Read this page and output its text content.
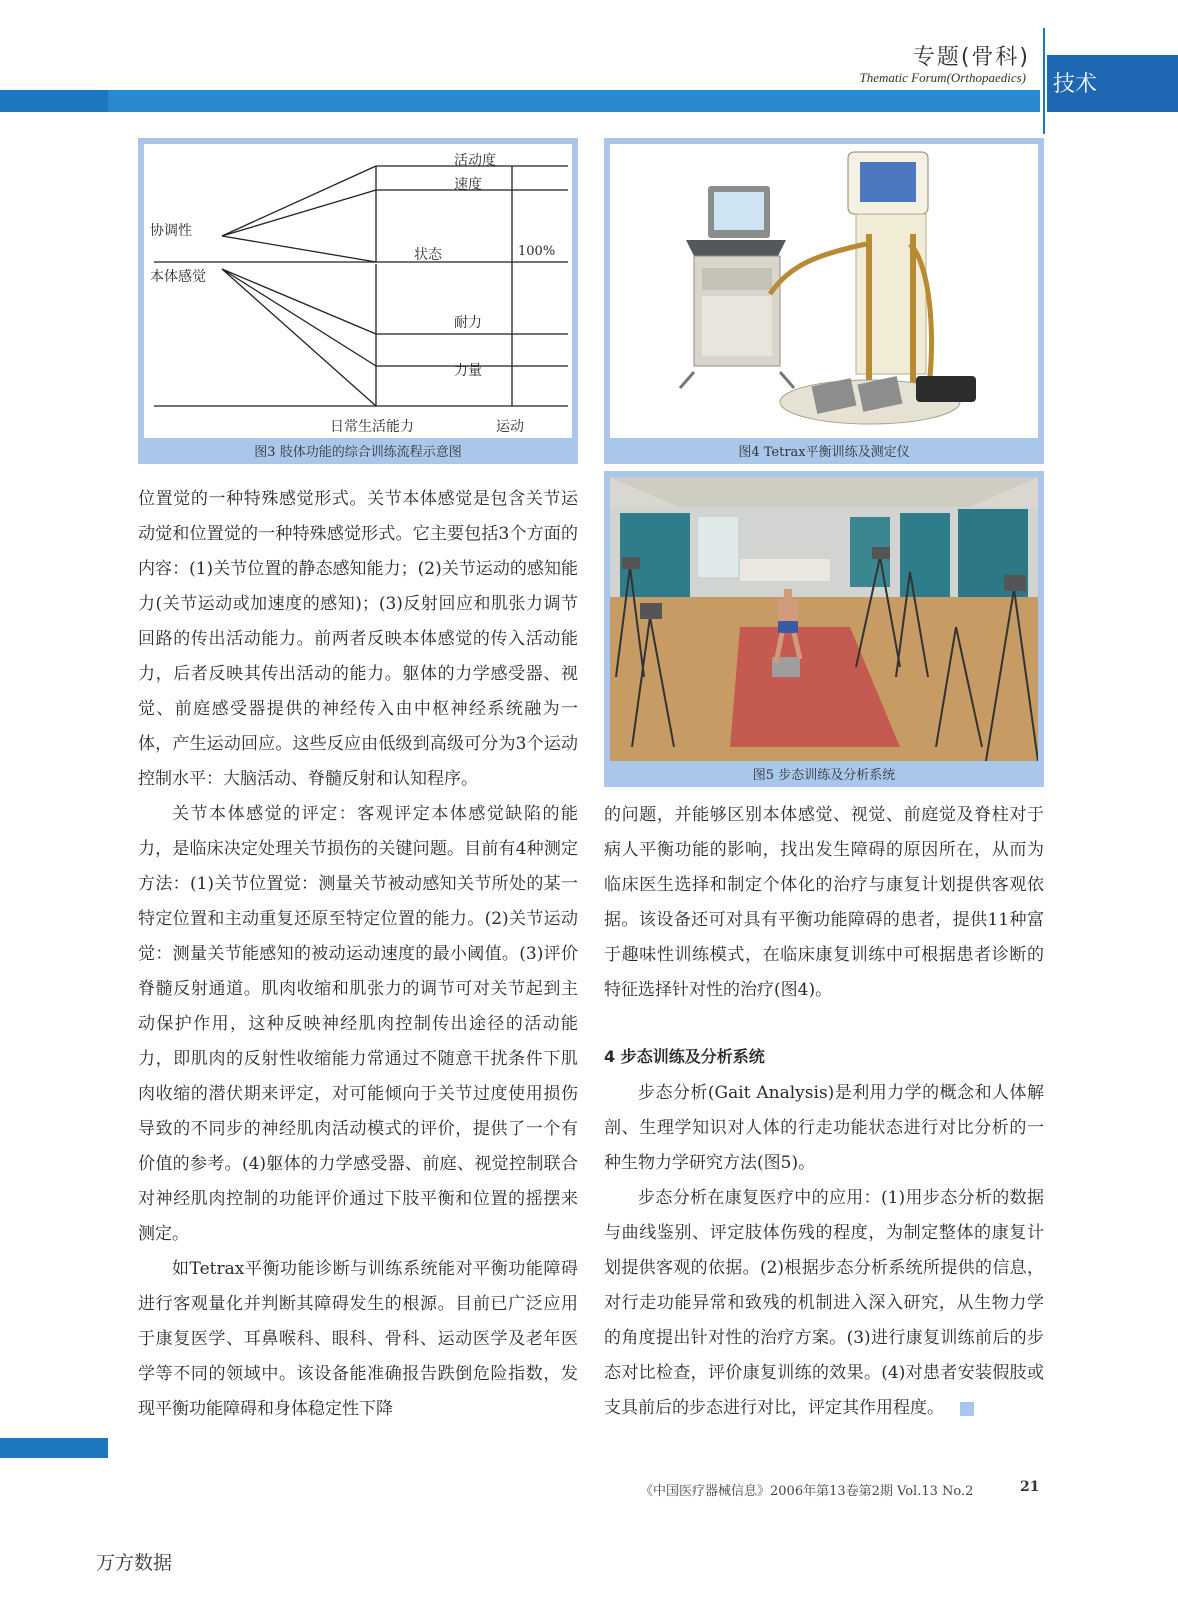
专题(骨科)
Thematic Forum(Orthopaedics) 技术
活动度
速度
协调性
状态	100%
本体感觉
耐力
力量
日常生活能力	运动
图3 肢体功能的综合训练流程示意图	图4 Tetrax平衡训练及测定仪
图5 步态训练及分析系统

位置觉的一种特殊感觉形式。关节本体感觉是包含关节运动觉和位置觉的一种特殊感觉形式。它主要包括3个方面的内容：(1)关节位置的静态感知能力；(2)关节运动的感知能力(关节运动或加速度的感知)；(3)反射回应和肌张力调节回路的传出活动能力。前两者反映本体感觉的传入活动能力，后者反映其传出活动的能力。躯体的力学感受器、视觉、前庭感受器提供的神经传入由中枢神经系统融为一体，产生运动回应。这些反应由低级到高级可分为3个运动控制水平：大脑活动、脊髓反射和认知程序。

关节本体感觉的评定：客观评定本体感觉缺陷的能力，是临床决定处理关节损伤的关键问题。目前有4种测定方法：(1)关节位置觉：测量关节被动感知关节所处的某一特定位置和主动重复还原至特定位置的能力。(2)关节运动觉：测量关节能感知的被动运动速度的最小阈值。(3)评价脊髓反射通道。肌肉收缩和肌张力的调节可对关节起到主动保护作用，这种反映神经肌肉控制传出途径的活动能力，即肌肉的反射性收缩能力常通过不随意干扰条件下肌肉收缩的潜伏期来评定，对可能倾向于关节过度使用损伤导致的不同步的神经肌肉活动模式的评价，提供了一个有价值的参考。(4)躯体的力学感受器、前庭、视觉控制联合对神经肌肉控制的功能评价通过下肢平衡和位置的摇摆来测定。

如Tetrax平衡功能诊断与训练系统能对平衡功能障碍进行客观量化并判断其障碍发生的根源。目前已广泛应用于康复医学、耳鼻喉科、眼科、骨科、运动医学及老年医学等不同的领域中。该设备能准确报告跌倒危险指数，发现平衡功能障碍和身体稳定性下降

的问题，并能够区别本体感觉、视觉、前庭觉及脊柱对于病人平衡功能的影响，找出发生障碍的原因所在，从而为临床医生选择和制定个体化的治疗与康复计划提供客观依据。该设备还可对具有平衡功能障碍的患者，提供11种富于趣味性训练模式，在临床康复训练中可根据患者诊断的特征选择针对性的治疗(图4)。

4 步态训练及分析系统

步态分析(Gait Analysis)是利用力学的概念和人体解剖、生理学知识对人体的行走功能状态进行对比分析的一种生物力学研究方法(图5)。

步态分析在康复医疗中的应用：(1)用步态分析的数据与曲线鉴别、评定肢体伤残的程度，为制定整体的康复计划提供客观的依据。(2)根据步态分析系统所提供的信息，对行走功能异常和致残的机制进入深入研究，从生物力学的角度提出针对性的治疗方案。(3)进行康复训练前后的步态对比检查，评价康复训练的效果。(4)对患者安装假肢或支具前后的步态进行对比，评定其作用程度。

《中国医疗器械信息》2006年第13卷第2期 Vol.13 No.2	21
万方数据
